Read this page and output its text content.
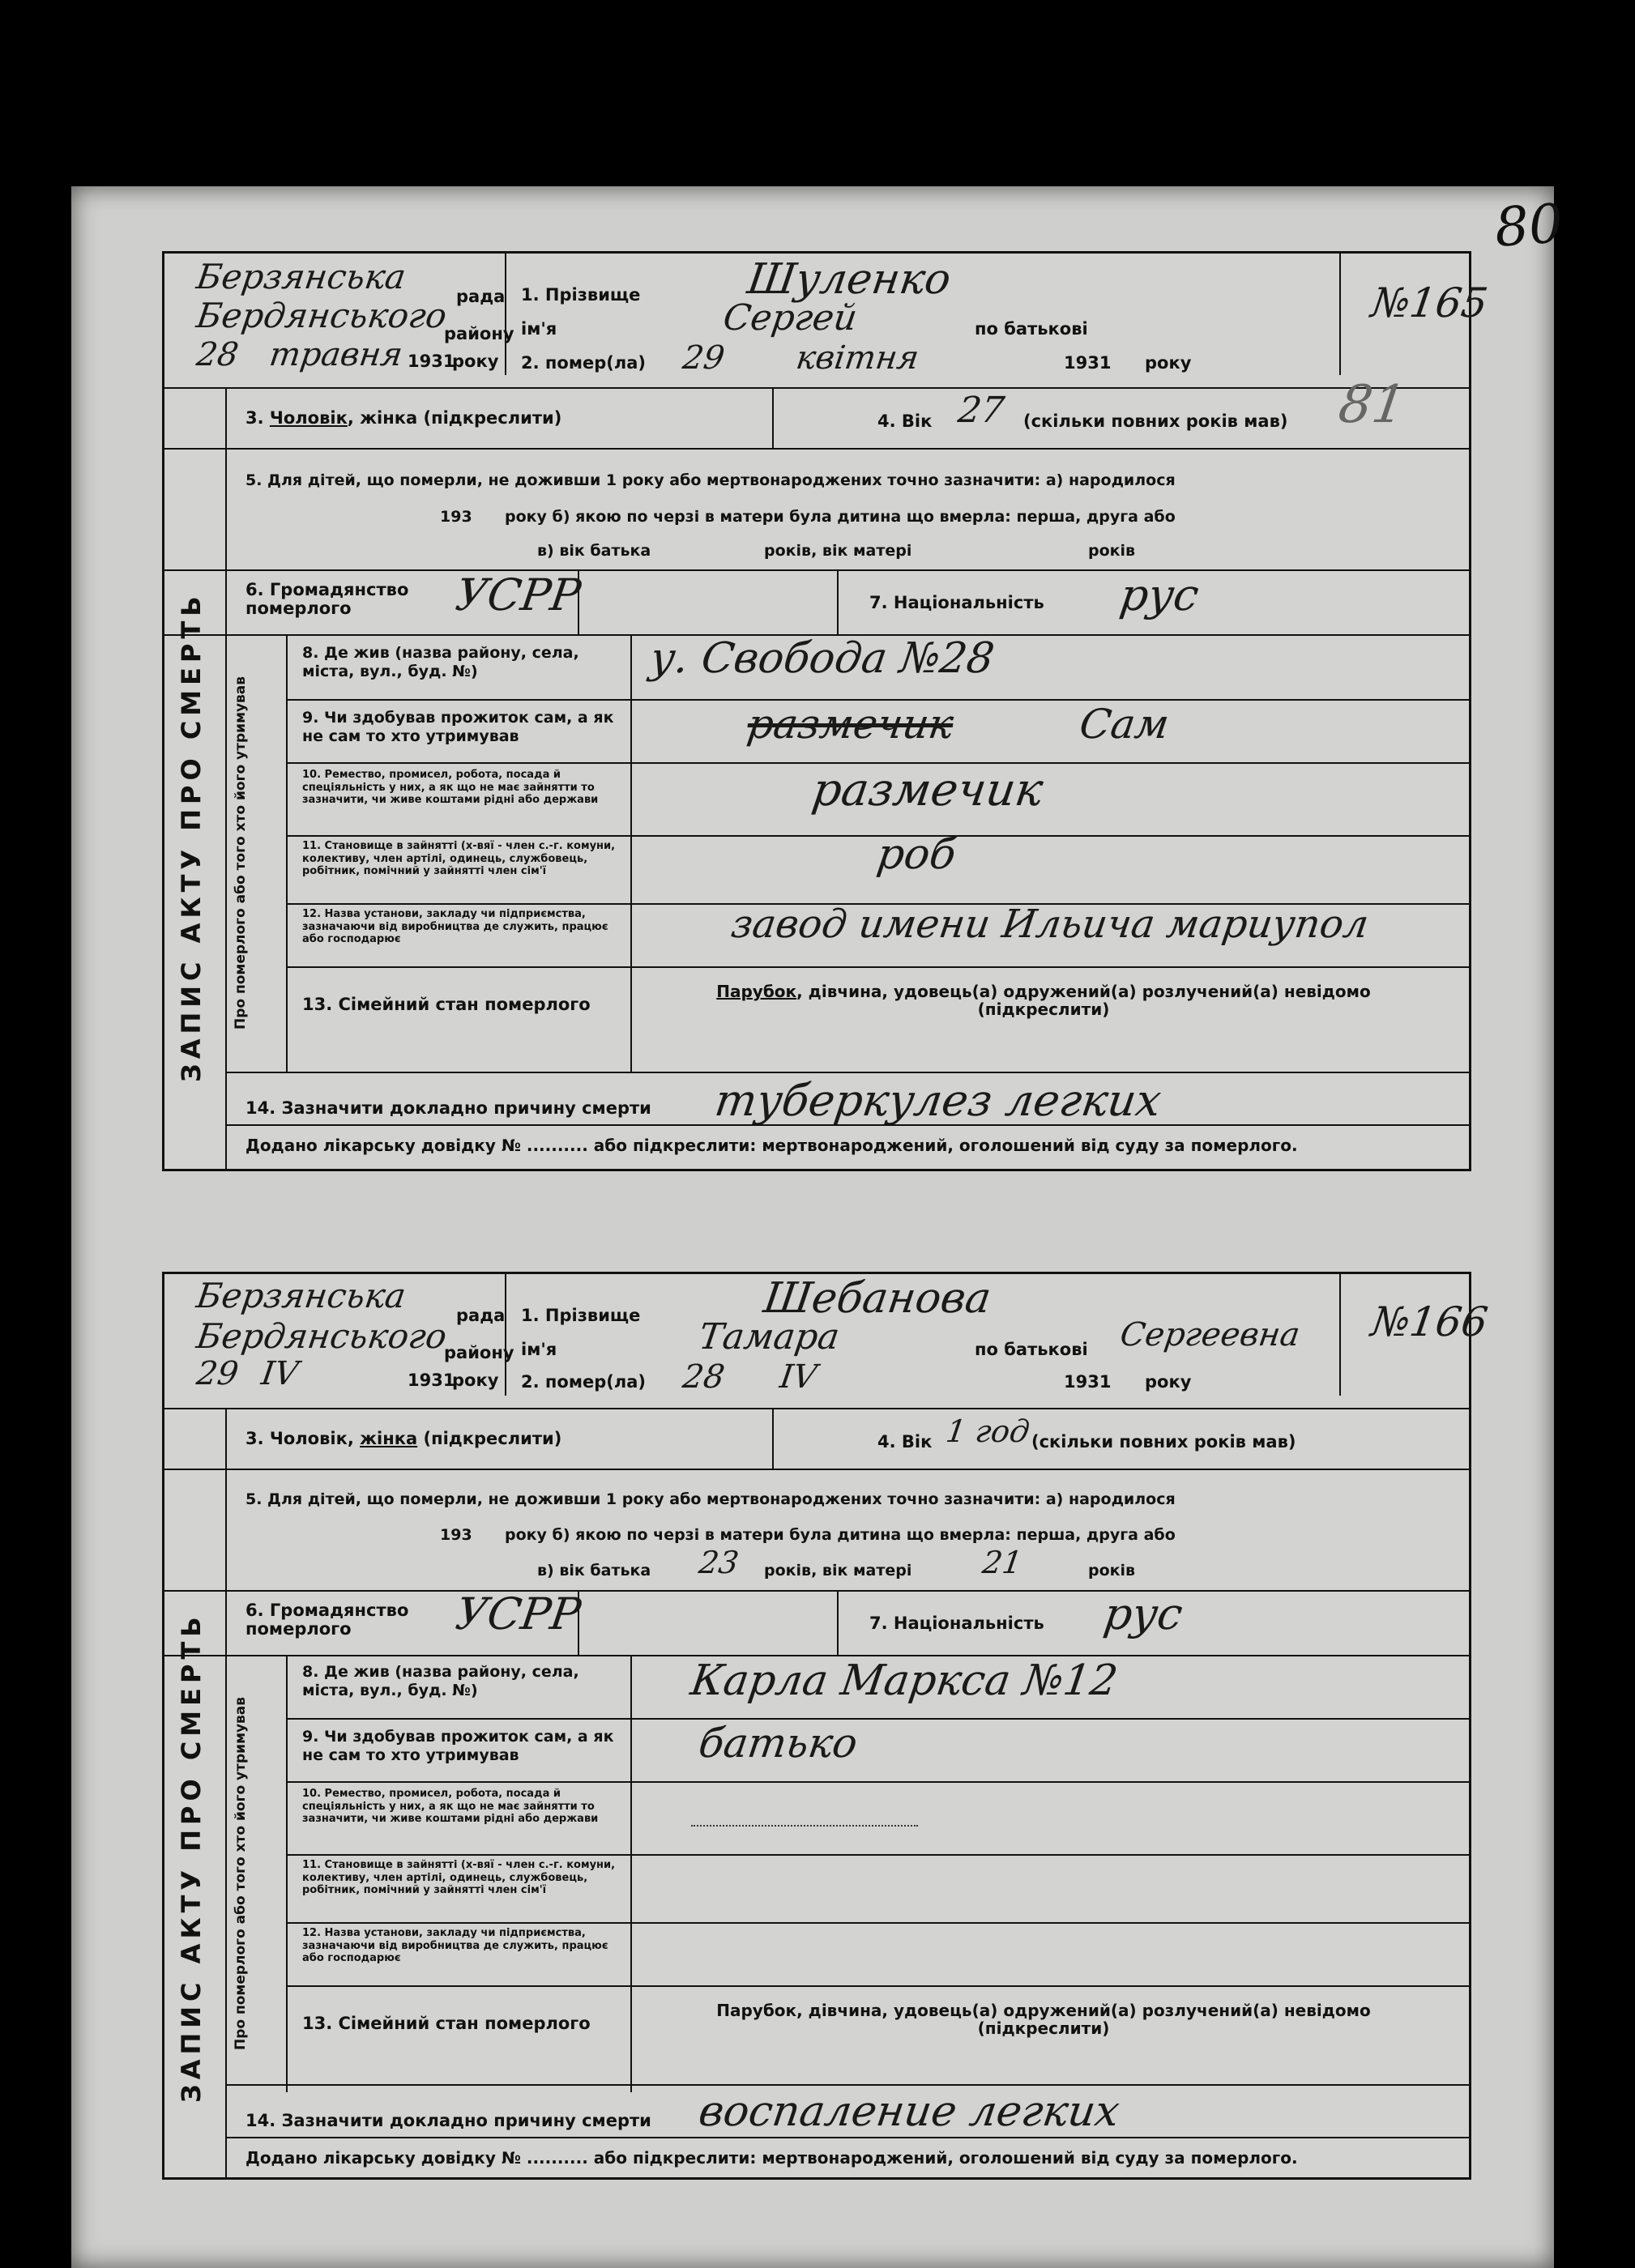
80
Берзянська	рада
Бердянського
району
28 травня 1931
року
1. Прізвище Шуленко
ім'я	Сергей	по батькові
2. помер(ла) 29 квітня	1931 року
№165
3. Чоловік, жінка (підкреслити)	4. Вік 27 (скільки повних років мав) 81
5. Для дітей, що померли, не доживши 1 року або мертвонароджених точно зазначити: а) народилося
193 року б) якою по черзі в матери була дитина що вмерла: перша, друга або
в) вік батька	років, вік матері	років
6. Громадянство померлого	УСРР	7. Національність рус
ЗАПИС АКТУ ПРО СМЕРТЬ Про померлого або того хто його утримував
8. Де жив (назва району, села, міста, вул., буд. №)	у. Свобода №28
9. Чи здобував прожиток сам, а як не сам то хто утримував	размечик	Сам
10. Ремество, промисел, робота, посада й спеціяльність у них, а як що не має зайнятти то зазначити, чи живе коштами рідні або держави	размечик
11. Становище в зайнятті (х-вяї - член с.-г. комуни, колективу, член артілі, одинець, службовець, робітник, помічний у зайнятті член сім'ї	роб
12. Назва установи, закладу чи підприємства, зазначаючи від виробництва де служить, працює або господарює	завод имени Ильича мариупол
13. Сімейний стан померлого
Парубок, дівчина, удовець(а) одружений(а) розлучений(а) невідомо (підкреслити)
14. Зазначити докладно причину смерти туберкулез легких
Додано лікарську довідку № .......... або підкреслити: мертвонароджений, оголошений від суду за померлого.
Берзянська	рада
Бердянського
району
29 IV	1931
року
1. Прізвище	Шебанова
ім'я	Тамара	по батькові Сергеевна
2. помер(ла) 28 IV	1931 року
№166
3. Чоловік, жінка (підкреслити)	4. Вік 1 год (скільки повних років мав)
5. Для дітей, що померли, не доживши 1 року або мертвонароджених точно зазначити: а) народилося
193 року б) якою по черзі в матери була дитина що вмерла: перша, друга або
в) вік батька 23 років, вік матері 21	років
6. Громадянство померлого	УСРР	7. Національність рус
ЗАПИС АКТУ ПРО СМЕРТЬ Про померлого або того хто його утримував
8. Де жив (назва району, села, міста, вул., буд. №)	Карла Маркса №12
9. Чи здобував прожиток сам, а як не сам то хто утримував	батько
10. Ремество, промисел, робота, посада й спеціяльність у них, а як що не має зайнятти то зазначити, чи живе коштами рідні або держави
11. Становище в зайнятті (х-вяї - член с.-г. комуни, колективу, член артілі, одинець, службовець, робітник, помічний у зайнятті член сім'ї
12. Назва установи, закладу чи підприємства, зазначаючи від виробництва де служить, працює або господарює
13. Сімейний стан померлого
Парубок, дівчина, удовець(а) одружений(а) розлучений(а) невідомо (підкреслити)
14. Зазначити докладно причину смерти воспаление легких
Додано лікарську довідку № .......... або підкреслити: мертвонароджений, оголошений від суду за померлого.
